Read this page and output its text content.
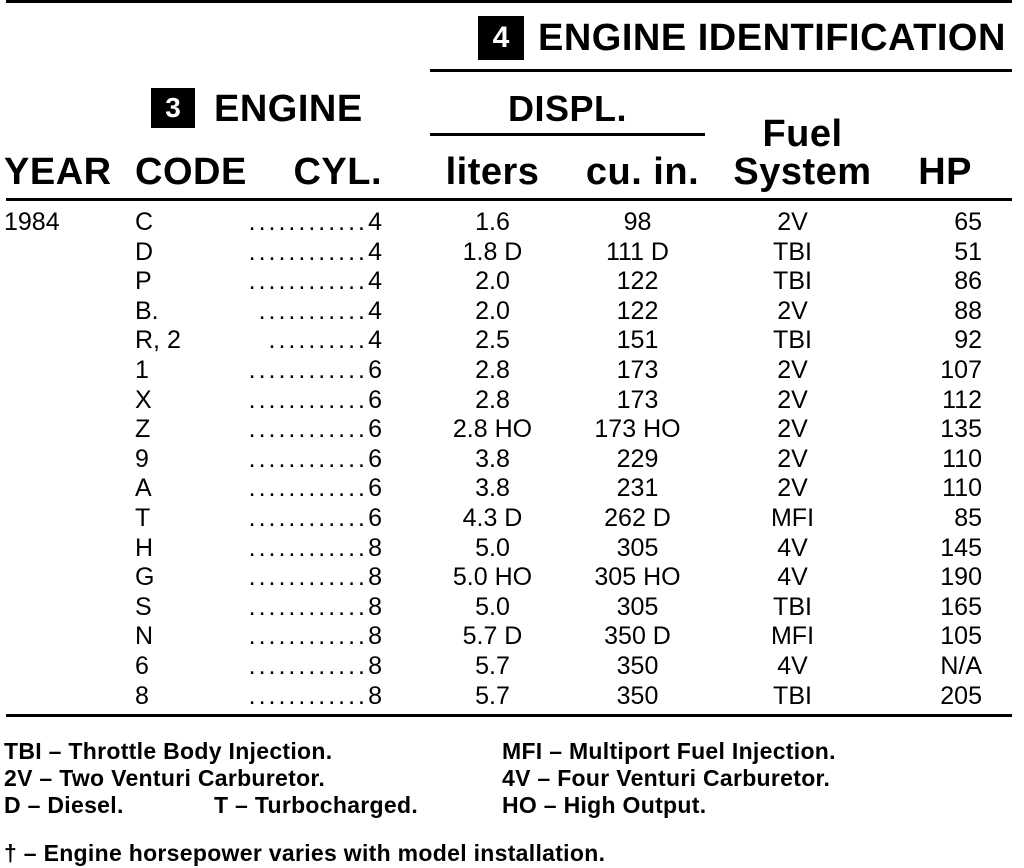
4 ENGINE IDENTIFICATION
3 ENGINE	DISPL.
YEAR CODE	CYL.	liters	cu. in.
Fuel
System	HP
1984	C	............ 4	1.6	98	2V	65
D	............ 4	1.8 D	111 D	TBI	51
P	............ 4	2.0	122	TBI	86
B.	........... 4	2.0	122	2V	88
R, 2	.......... 4	2.5	151	TBI	92
1	............ 6	2.8	173	2V	107
X	............ 6	2.8	173	2V	112
Z	............ 6	2.8 HO	173 HO	2V	135
9	............ 6	3.8	229	2V	110
A	............ 6	3.8	231	2V	110
T	............ 6	4.3 D	262 D	MFI	85
H	............ 8	5.0	305	4V	145
G	............ 8	5.0 HO	305 HO	4V	190
S	............ 8	5.0	305	TBI	165
N	............ 8	5.7 D	350 D	MFI	105
6	............ 8	5.7	350	4V	N/A
8	............ 8	5.7	350	TBI	205
TBI – Throttle Body Injection.	MFI – Multiport Fuel Injection.
2V – Two Venturi Carburetor.	4V – Four Venturi Carburetor.
D – Diesel.	T – Turbocharged.	HO – High Output.
† – Engine horsepower varies with model installation.
